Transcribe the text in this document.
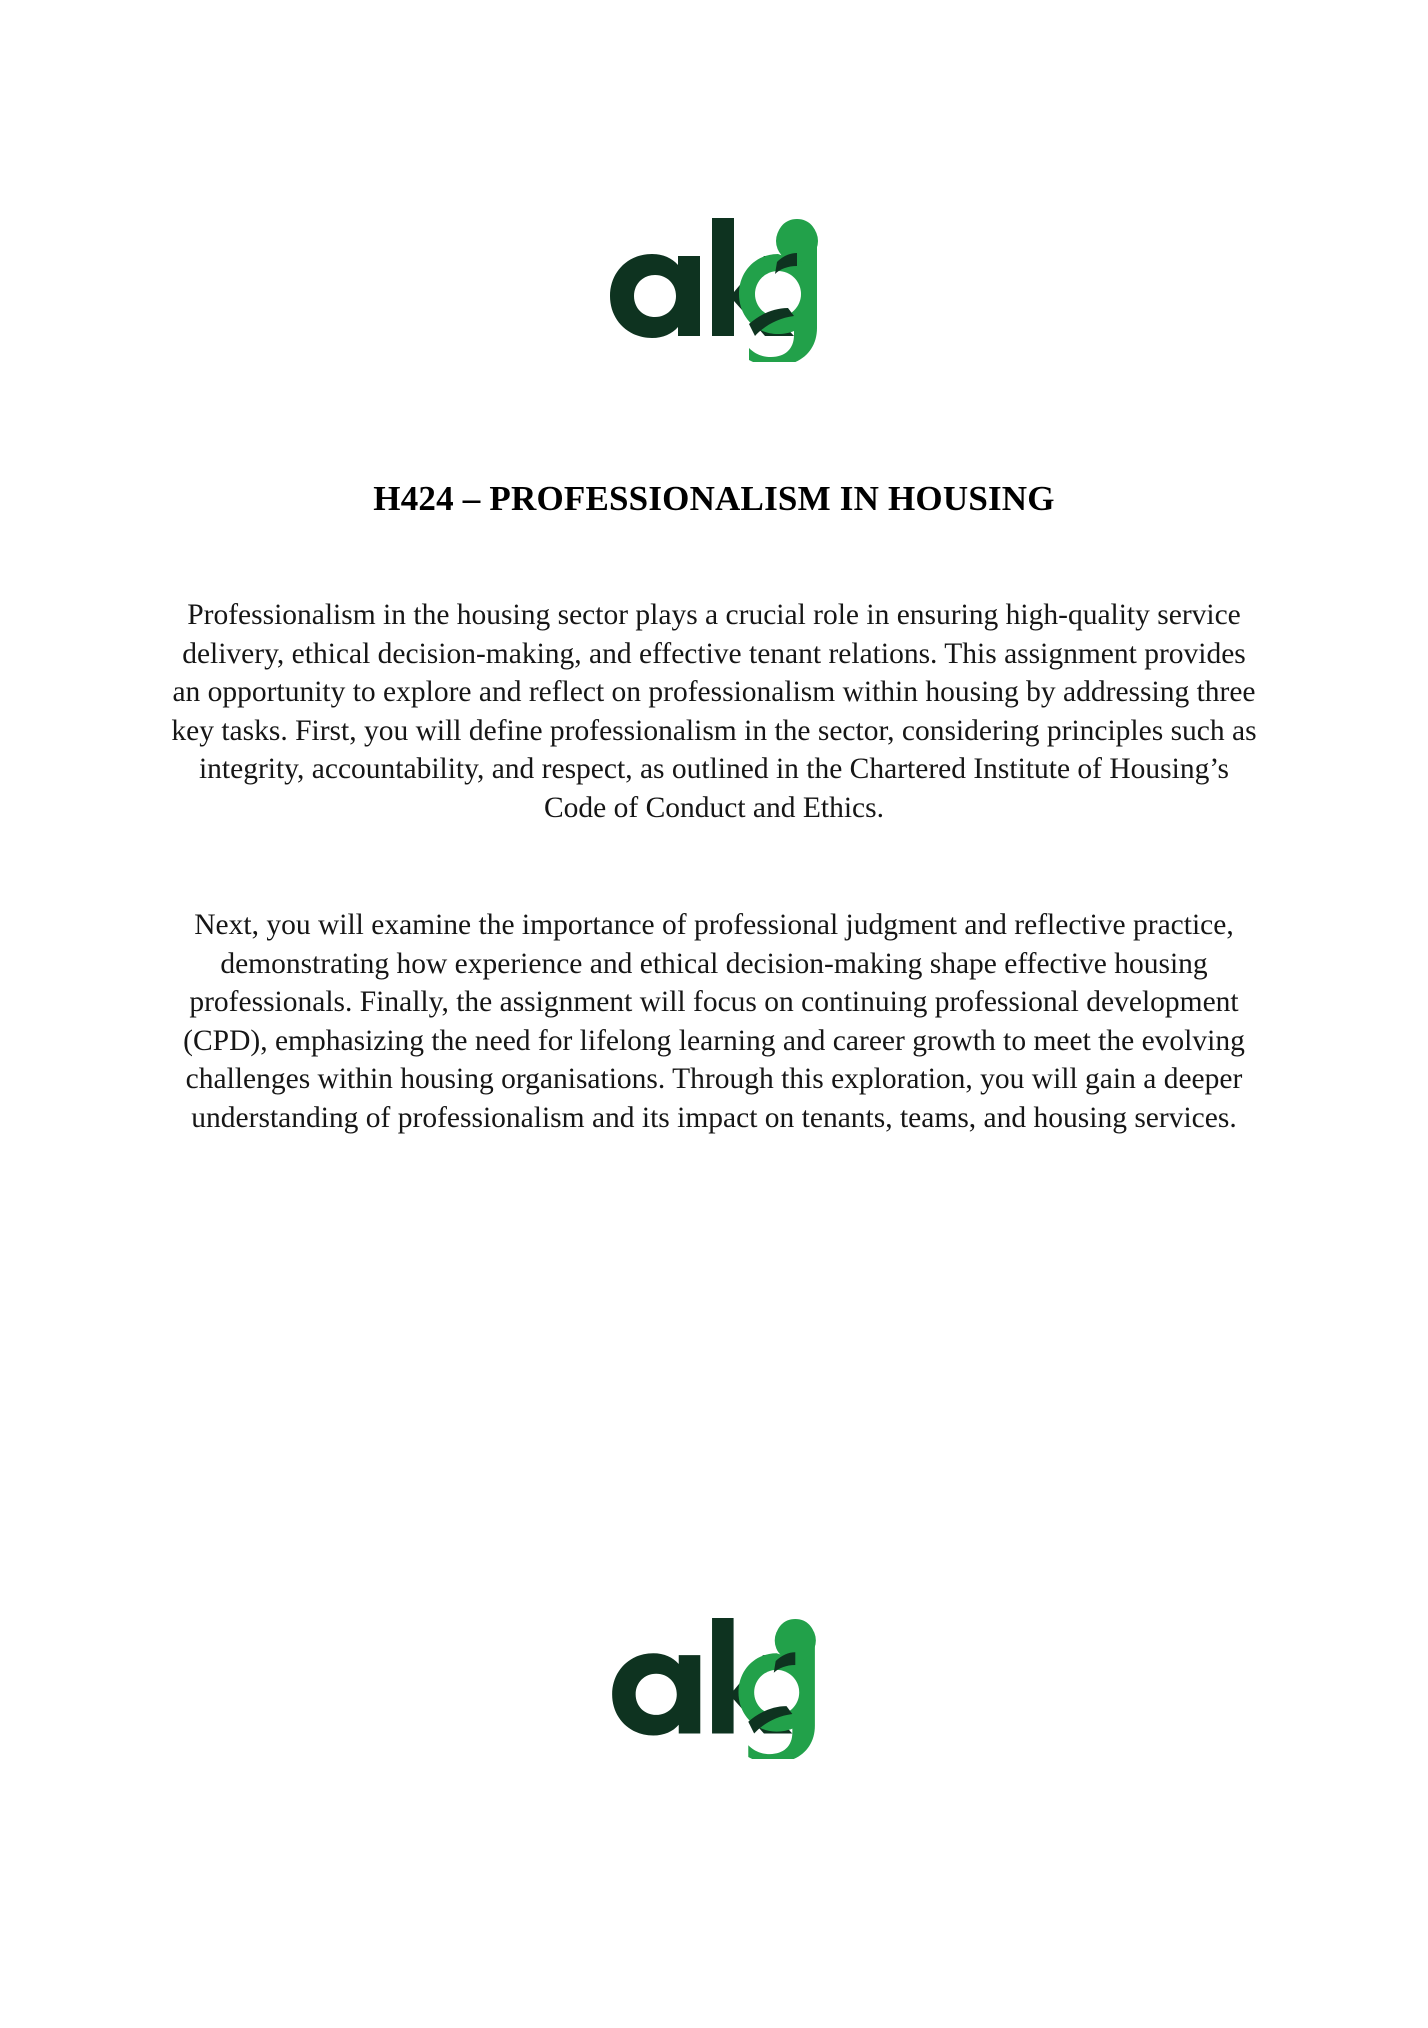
H424 – PROFESSIONALISM IN HOUSING

Professionalism in the housing sector plays a crucial role in ensuring high-quality service delivery, ethical decision-making, and effective tenant relations. This assignment provides an opportunity to explore and reflect on professionalism within housing by addressing three key tasks. First, you will define professionalism in the sector, considering principles such as integrity, accountability, and respect, as outlined in the Chartered Institute of Housing’s Code of Conduct and Ethics.

Next, you will examine the importance of professional judgment and reflective practice, demonstrating how experience and ethical decision-making shape effective housing professionals. Finally, the assignment will focus on continuing professional development (CPD), emphasizing the need for lifelong learning and career growth to meet the evolving challenges within housing organisations. Through this exploration, you will gain a deeper understanding of professionalism and its impact on tenants, teams, and housing services.
